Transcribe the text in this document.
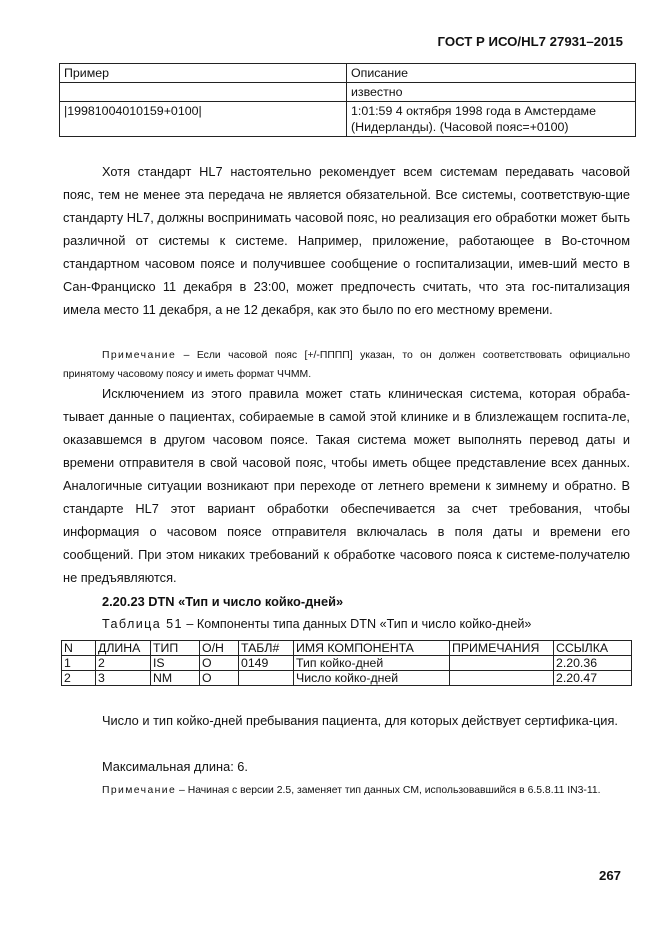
ГОСТ Р ИСО/HL7 27931–2015

Пример	Описание
	известно
|19981004010159+0100|	1:01:59 4 октября 1998 года в Амстердаме (Нидерланды). (Часовой пояс=+0100)

Хотя стандарт HL7 настоятельно рекомендует всем системам передавать часовой пояс, тем не менее эта передача не является обязательной. Все системы, соответствую-щие стандарту HL7, должны воспринимать часовой пояс, но реализация его обработки может быть различной от системы к системе. Например, приложение, работающее в Во-сточном стандартном часовом поясе и получившее сообщение о госпитализации, имев-ший место в Сан-Франциско 11 декабря в 23:00, может предпочесть считать, что эта гос-питализация имела место 11 декабря, а не 12 декабря, как это было по его местному времени.

Примечание – Если часовой пояс [+/-ПППП] указан, то он должен соответствовать официально принятому часовому поясу и иметь формат ЧЧММ.

Исключением из этого правила может стать клиническая система, которая обраба-тывает данные о пациентах, собираемые в самой этой клинике и в близлежащем госпита-ле, оказавшемся в другом часовом поясе. Такая система может выполнять перевод даты и времени отправителя в свой часовой пояс, чтобы иметь общее представление всех данных. Аналогичные ситуации возникают при переходе от летнего времени к зимнему и обратно. В стандарте HL7 этот вариант обработки обеспечивается за счет требования, чтобы информация о часовом поясе отправителя включалась в поля даты и времени его сообщений. При этом никаких требований к обработке часового пояса к системе-получателю не предъявляются.

2.20.23 DTN «Тип и число койко-дней»

Таблица 51 – Компоненты типа данных DTN «Тип и число койко-дней»

N	ДЛИНА	ТИП	О/Н	ТАБЛ#	ИМЯ КОМПОНЕНТА	ПРИМЕЧАНИЯ	ССЫЛКА
1	2	IS	О	0149	Тип койко-дней		2.20.36
2	3	NM	О		Число койко-дней		2.20.47

Число и тип койко-дней пребывания пациента, для которых действует сертифика-ция.

Максимальная длина: 6.

Примечание – Начиная с версии 2.5, заменяет тип данных CM, использовавшийся в 6.5.8.11 IN3-11.

267
